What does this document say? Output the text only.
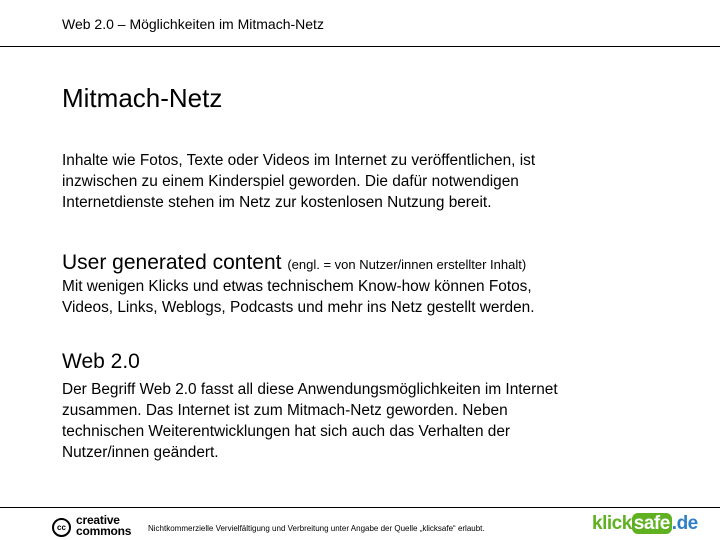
Web 2.0 – Möglichkeiten im Mitmach-Netz
Mitmach-Netz
Inhalte wie Fotos, Texte oder Videos im Internet zu veröffentlichen, ist
inzwischen zu einem Kinderspiel geworden. Die dafür notwendigen
Internetdienste stehen im Netz zur kostenlosen Nutzung bereit.
User generated content (engl. = von Nutzer/innen erstellter Inhalt)
Mit wenigen Klicks und etwas technischem Know-how können Fotos,
Videos, Links, Weblogs, Podcasts und mehr ins Netz gestellt werden.
Web 2.0
Der Begriff Web 2.0 fasst all diese Anwendungsmöglichkeiten im Internet
zusammen. Das Internet ist zum Mitmach-Netz geworden. Neben
technischen Weiterentwicklungen hat sich auch das Verhalten der
Nutzer/innen geändert.
cc
creative
commons Nichtkommerzielle Vervielfältigung und Verbreitung unter Angabe der Quelle „klicksafe“ erlaubt.	klick safe .de
